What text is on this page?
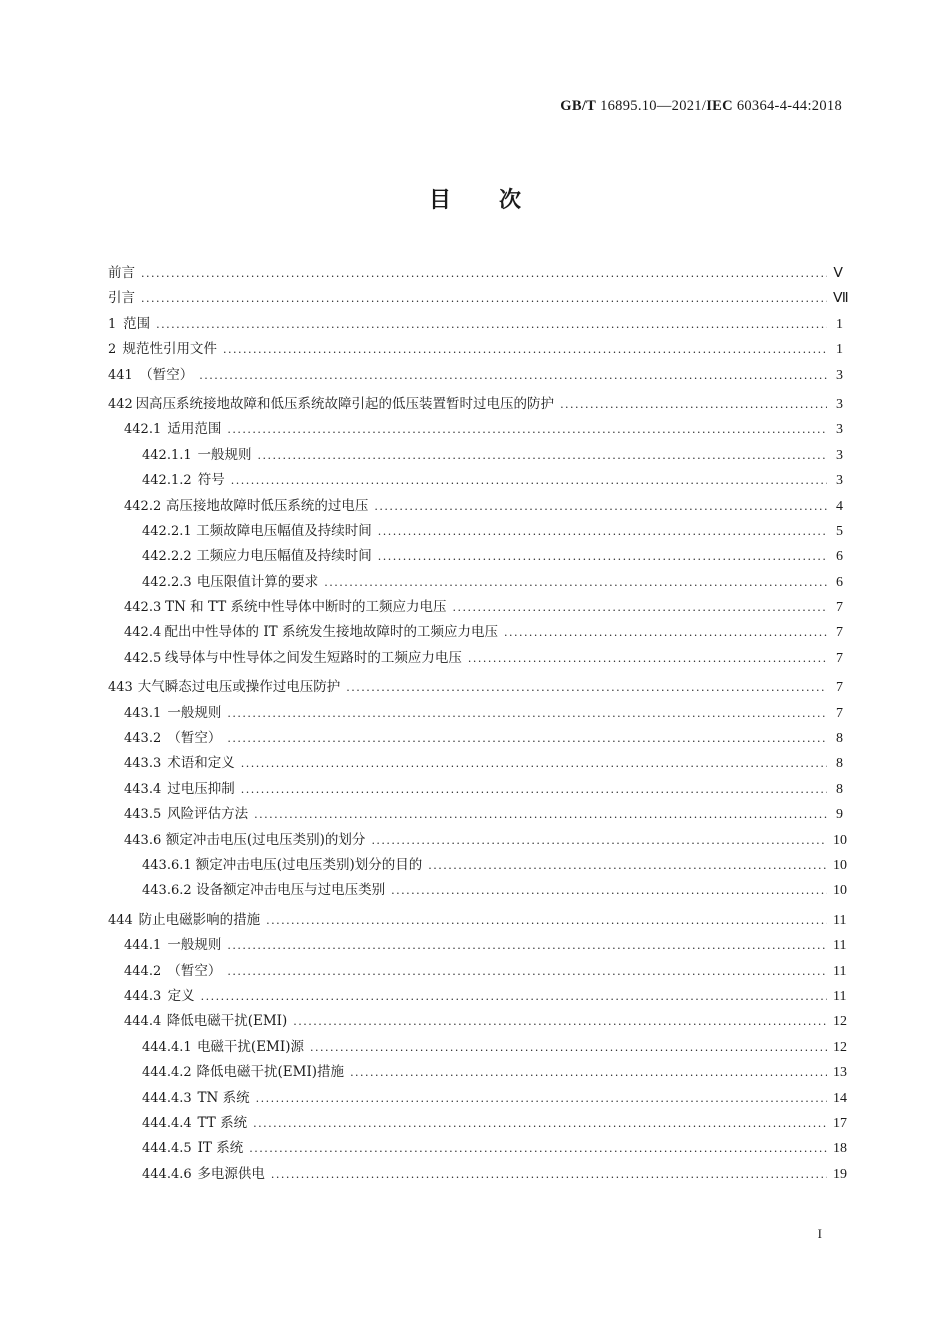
GB/T 16895.10—2021/IEC 60364-4-44:2018
目次
前言 .....	Ⅴ
引言 .....	Ⅶ
1 范围 .....	1
2 规范性引用文件 .....	1
441 （暂空） .....	3
442 因高压系统接地故障和低压系统故障引起的低压装置暂时过电压的防护 .....	3
442.1 适用范围 .....	3
442.1.1 一般规则 .....	3
442.1.2 符号 .....	3
442.2 高压接地故障时低压系统的过电压 .....	4
442.2.1 工频故障电压幅值及持续时间 .....	5
442.2.2 工频应力电压幅值及持续时间 .....	6
442.2.3 电压限值计算的要求 .....	6
442.3 TN 和 TT 系统中性导体中断时的工频应力电压 .....	7
442.4 配出中性导体的 IT 系统发生接地故障时的工频应力电压 .....	7
442.5 线导体与中性导体之间发生短路时的工频应力电压 .....	7
443 大气瞬态过电压或操作过电压防护 .....	7
443.1 一般规则 .....	7
443.2 （暂空） .....	8
443.3 术语和定义 .....	8
443.4 过电压抑制 .....	8
443.5 风险评估方法 .....	9
443.6 额定冲击电压(过电压类别)的划分 .....	10
443.6.1 额定冲击电压(过电压类别)划分的目的 .....	10
443.6.2 设备额定冲击电压与过电压类别 .....	10
444 防止电磁影响的措施 .....	11
444.1 一般规则 .....	11
444.2 （暂空） .....	11
444.3 定义 .....	11
444.4 降低电磁干扰(EMI) .....	12
444.4.1 电磁干扰(EMI)源 .....	12
444.4.2 降低电磁干扰(EMI)措施 .....	13
444.4.3 TN 系统 .....	14
444.4.4 TT 系统 .....	17
444.4.5 IT 系统 .....	18
444.4.6 多电源供电 .....	19
I
